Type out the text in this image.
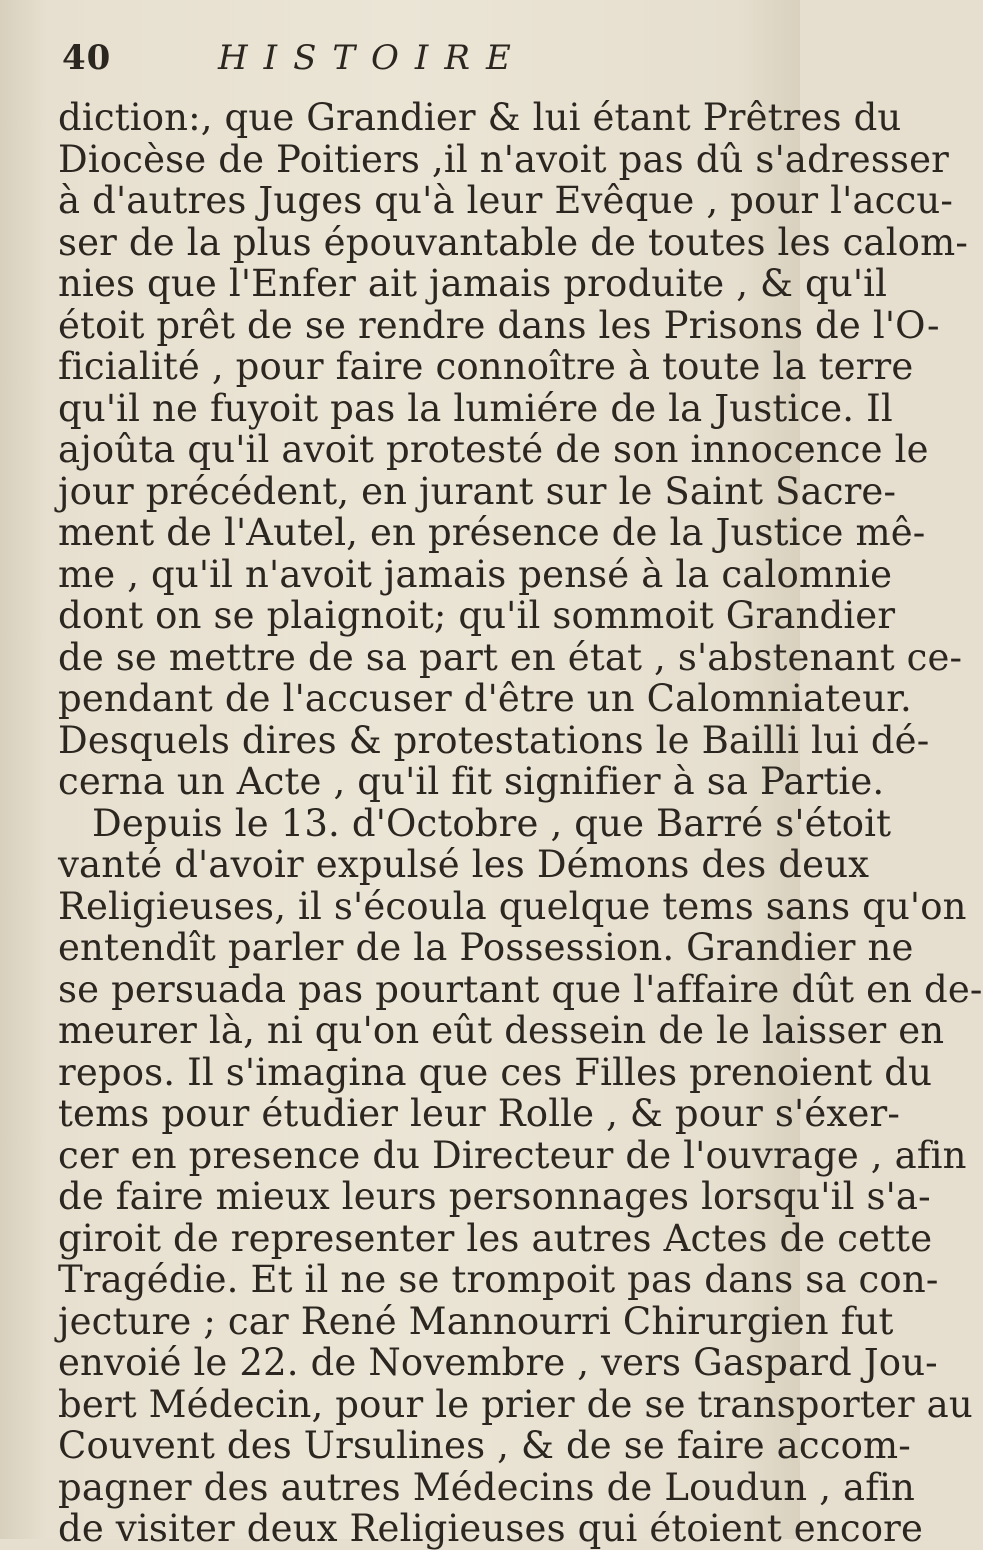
40	HISTOIRE
diction:, que Grandier & lui étant Prêtres du
Diocèse de Poitiers ,il n'avoit pas dû s'adresser
à d'autres Juges qu'à leur Evêque , pour l'accu-
ser de la plus épouvantable de toutes les calom-
nies que l'Enfer ait jamais produite , & qu'il
étoit prêt de se rendre dans les Prisons de l'O-
ficialité , pour faire connoître à toute la terre
qu'il ne fuyoit pas la lumiére de la Justice. Il
ajoûta qu'il avoit protesté de son innocence le
jour précédent, en jurant sur le Saint Sacre-
ment de l'Autel, en présence de la Justice mê-
me , qu'il n'avoit jamais pensé à la calomnie
dont on se plaignoit; qu'il sommoit Grandier
de se mettre de sa part en état , s'abstenant ce-
pendant de l'accuser d'être un Calomniateur.
Desquels dires & protestations le Bailli lui dé-
cerna un Acte , qu'il fit signifier à sa Partie.
Depuis le 13. d'Octobre , que Barré s'étoit
vanté d'avoir expulsé les Démons des deux
Religieuses, il s'écoula quelque tems sans qu'on
entendît parler de la Possession. Grandier ne
se persuada pas pourtant que l'affaire dût en de-
meurer là, ni qu'on eût dessein de le laisser en
repos. Il s'imagina que ces Filles prenoient du
tems pour étudier leur Rolle , & pour s'éxer-
cer en presence du Directeur de l'ouvrage , afin
de faire mieux leurs personnages lorsqu'il s'a-
giroit de representer les autres Actes de cette
Tragédie. Et il ne se trompoit pas dans sa con-
jecture ; car René Mannourri Chirurgien fut
envoié le 22. de Novembre , vers Gaspard Jou-
bert Médecin, pour le prier de se transporter au
Couvent des Ursulines , & de se faire accom-
pagner des autres Médecins de Loudun , afin
de visiter deux Religieuses qui étoient encore
